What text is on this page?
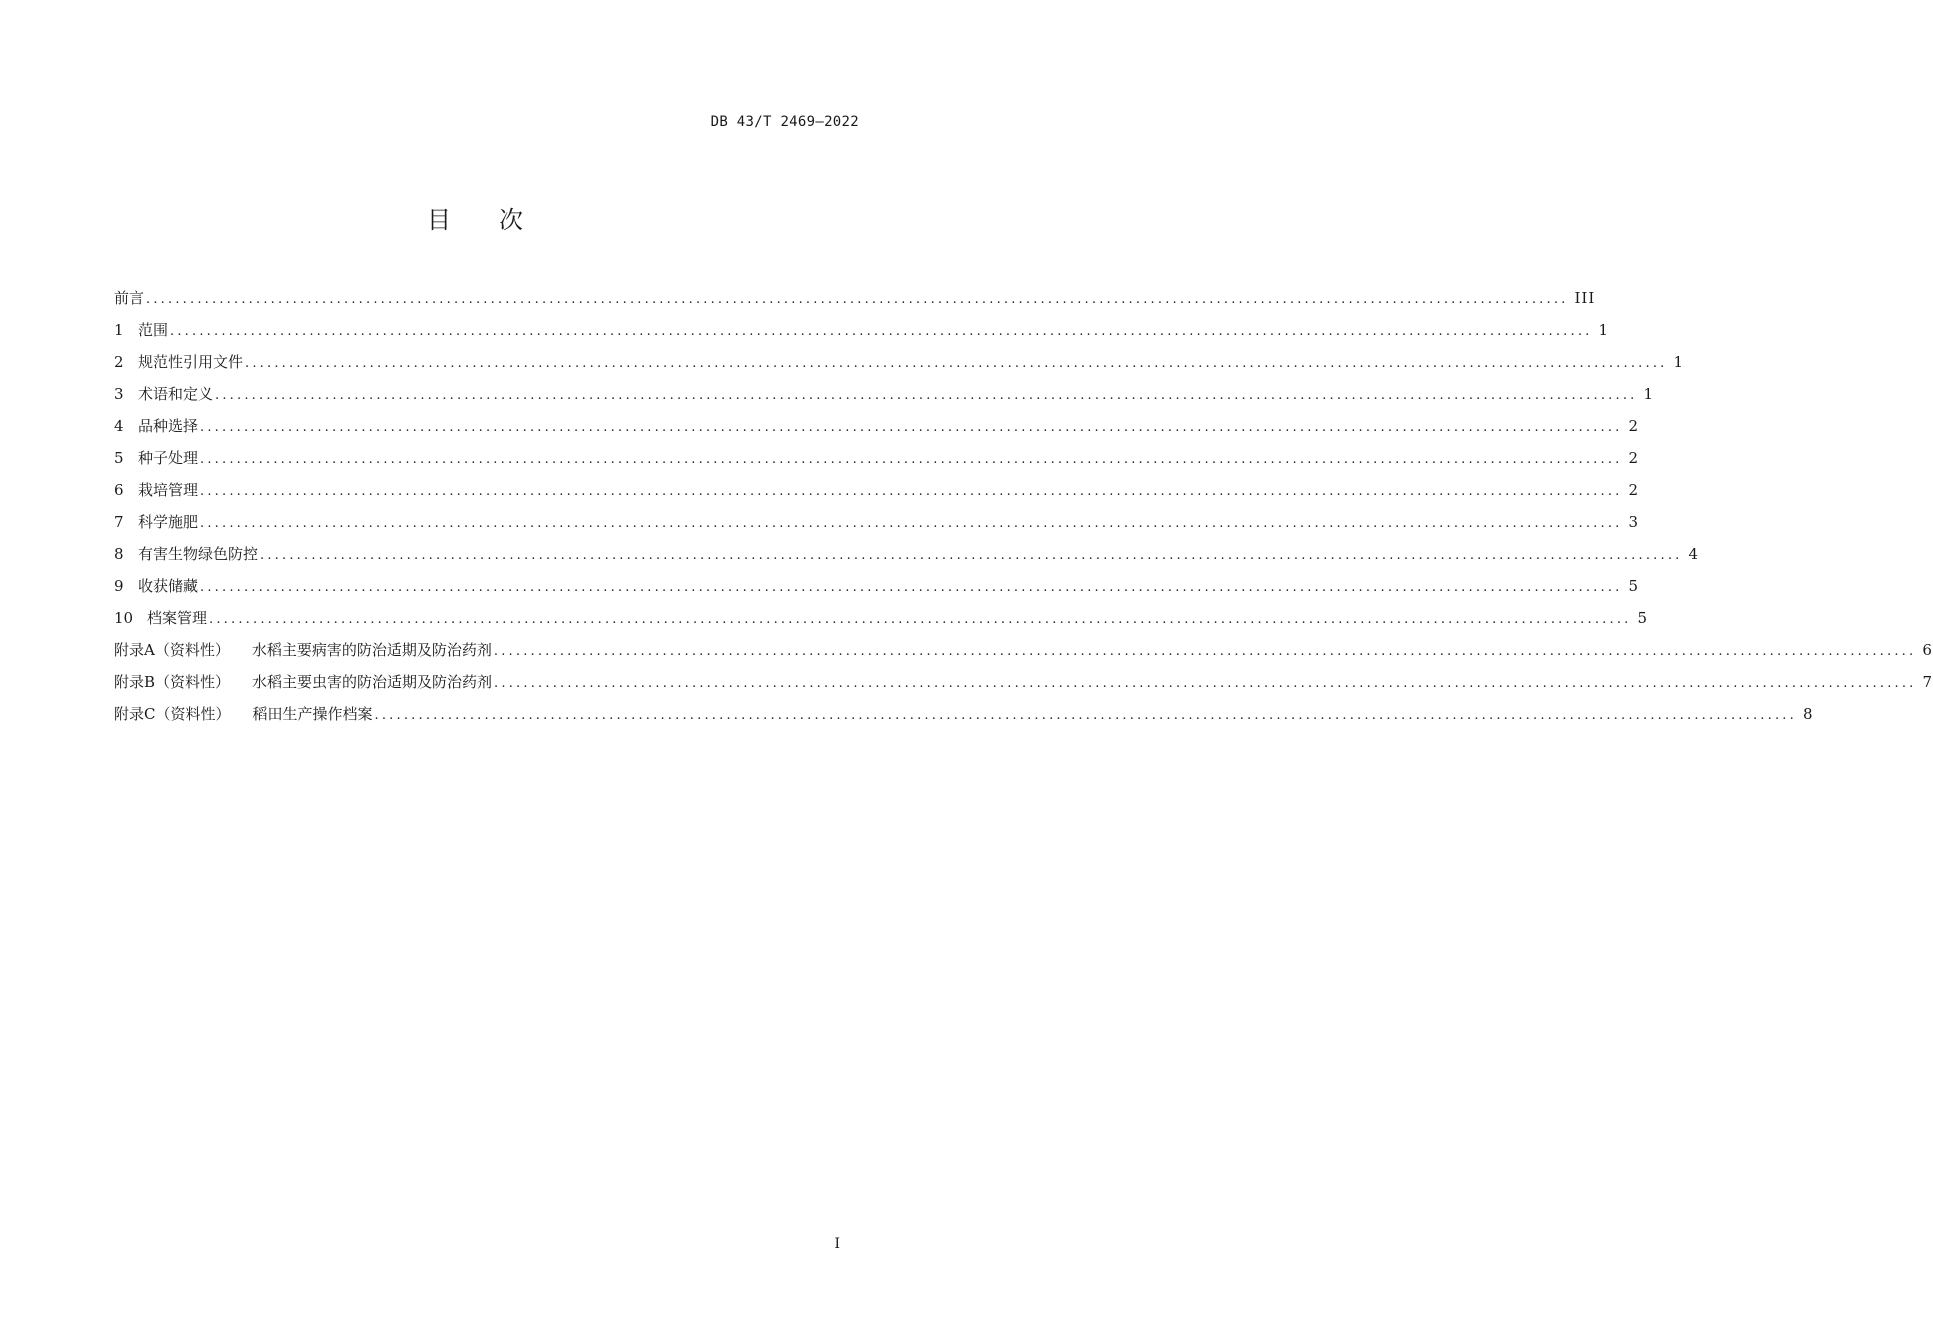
DB 43/T 2469—2022
目 次
前言 .................................................................................................................................................................................................. III
1 范围 .................................................................................................................................................................................................. 1
2 规范性引用文件 .................................................................................................................................................................................................. 1
3 术语和定义 .................................................................................................................................................................................................. 1
4 品种选择 .................................................................................................................................................................................................. 2
5 种子处理 .................................................................................................................................................................................................. 2
6 栽培管理 .................................................................................................................................................................................................. 2
7 科学施肥 .................................................................................................................................................................................................. 3
8 有害生物绿色防控 .................................................................................................................................................................................................. 4
9 收获储藏 .................................................................................................................................................................................................. 5
10 档案管理 .................................................................................................................................................................................................. 5
附录A（资料性） 水稻主要病害的防治适期及防治药剂 .................................................................................................................................................................................................. 6
附录B（资料性） 水稻主要虫害的防治适期及防治药剂 .................................................................................................................................................................................................. 7
附录C（资料性） 稻田生产操作档案 .................................................................................................................................................................................................. 8
I
